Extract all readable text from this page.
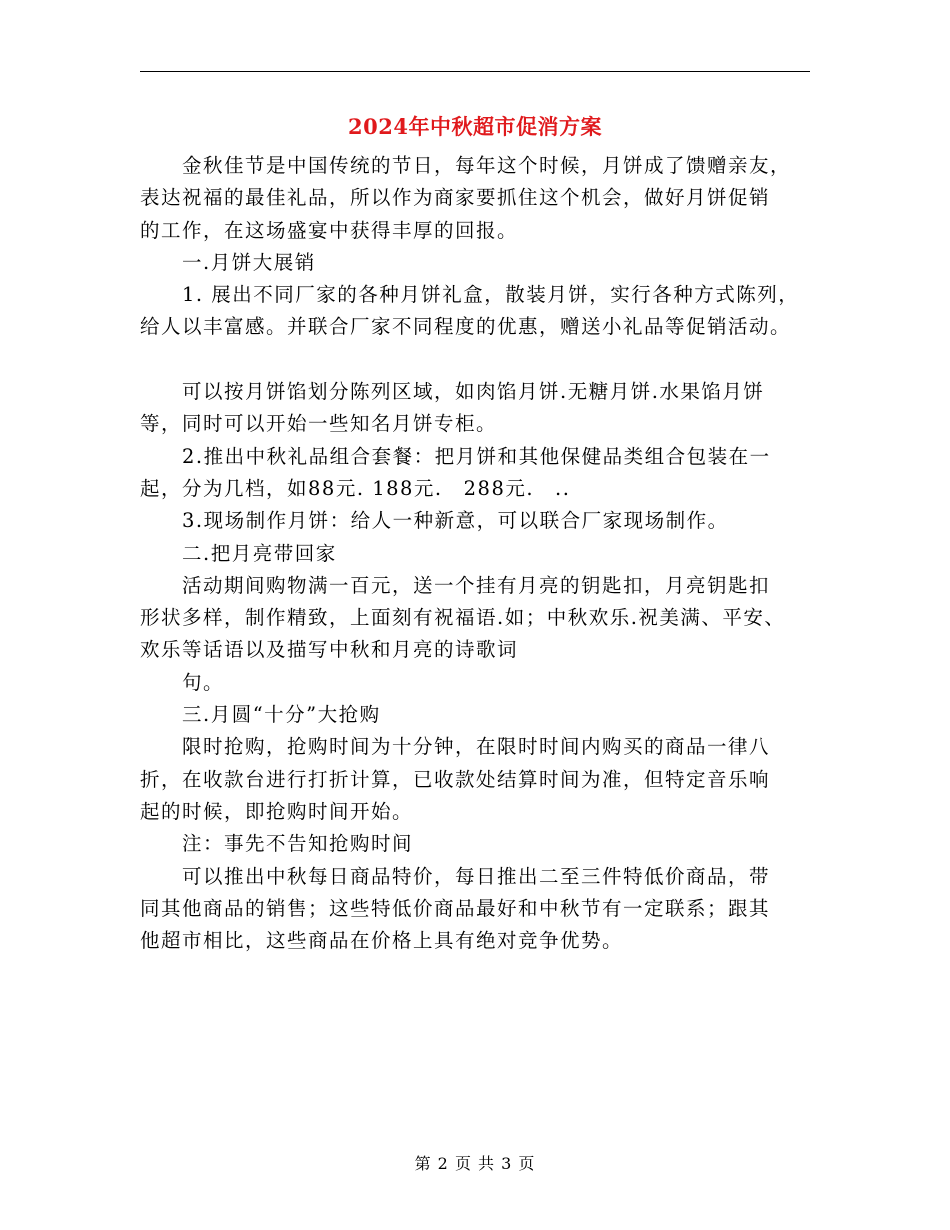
2024年中秋超市促消方案

　　金秋佳节是中国传统的节日，每年这个时候，月饼成了馈赠亲友，

表达祝福的最佳礼品，所以作为商家要抓住这个机会，做好月饼促销

的工作，在这场盛宴中获得丰厚的回报。

　　一.月饼大展销

　　1. 展出不同厂家的各种月饼礼盒，散装月饼，实行各种方式陈列，

给人以丰富感。并联合厂家不同程度的优惠，赠送小礼品等促销活动。

　　可以按月饼馅划分陈列区域，如肉馅月饼.无糖月饼.水果馅月饼

等，同时可以开始一些知名月饼专柜。

　　2.推出中秋礼品组合套餐：把月饼和其他保健品类组合包装在一

起，分为几档，如88元. 188元.　288元.　..

　　3.现场制作月饼：给人一种新意，可以联合厂家现场制作。

　　二.把月亮带回家

　　活动期间购物满一百元，送一个挂有月亮的钥匙扣，月亮钥匙扣

形状多样，制作精致，上面刻有祝福语.如；中秋欢乐.祝美满、平安、

欢乐等话语以及描写中秋和月亮的诗歌词

　　句。

　　三.月圆“十分”大抢购

　　限时抢购，抢购时间为十分钟，在限时时间内购买的商品一律八

折，在收款台进行打折计算，已收款处结算时间为准，但特定音乐响

起的时候，即抢购时间开始。

　　注：事先不告知抢购时间

　　可以推出中秋每日商品特价，每日推出二至三件特低价商品，带

同其他商品的销售；这些特低价商品最好和中秋节有一定联系；跟其

他超市相比，这些商品在价格上具有绝对竞争优势。

第 2 页 共 3 页
